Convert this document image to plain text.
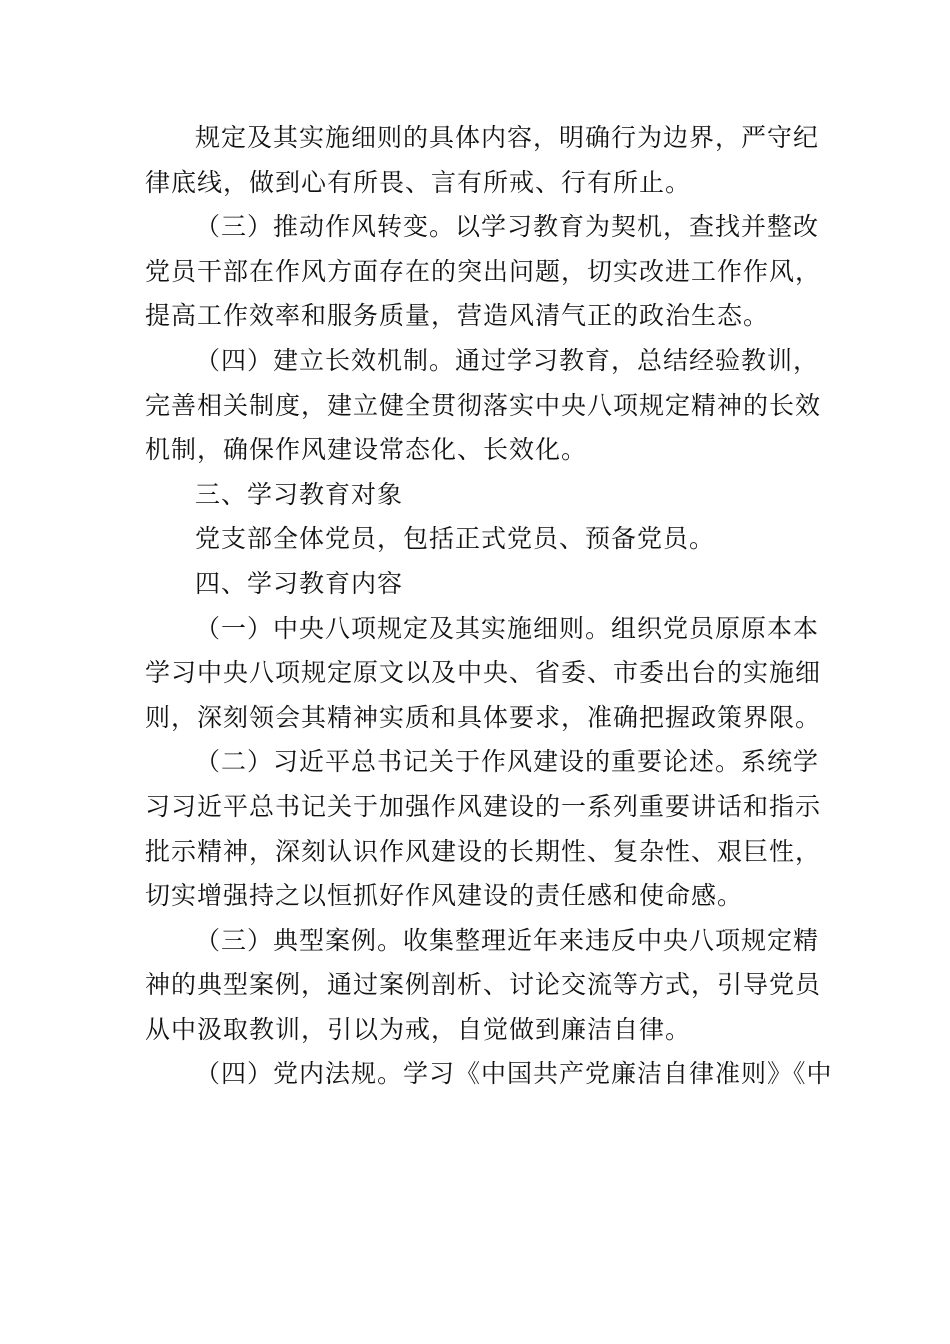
规定及其实施细则的具体内容，明确行为边界，严守纪律底线，做到心有所畏、言有所戒、行有所止。

（三）推动作风转变。以学习教育为契机，查找并整改党员干部在作风方面存在的突出问题，切实改进工作作风，提高工作效率和服务质量，营造风清气正的政治生态。

（四）建立长效机制。通过学习教育，总结经验教训，完善相关制度，建立健全贯彻落实中央八项规定精神的长效机制，确保作风建设常态化、长效化。

三、学习教育对象

党支部全体党员，包括正式党员、预备党员。

四、学习教育内容

（一）中央八项规定及其实施细则。组织党员原原本本学习中央八项规定原文以及中央、省委、市委出台的实施细则，深刻领会其精神实质和具体要求，准确把握政策界限。

（二）习近平总书记关于作风建设的重要论述。系统学习习近平总书记关于加强作风建设的一系列重要讲话和指示批示精神，深刻认识作风建设的长期性、复杂性、艰巨性，切实增强持之以恒抓好作风建设的责任感和使命感。

（三）典型案例。收集整理近年来违反中央八项规定精神的典型案例，通过案例剖析、讨论交流等方式，引导党员从中汲取教训，引以为戒，自觉做到廉洁自律。

（四）党内法规。学习《中国共产党廉洁自律准则》《中
